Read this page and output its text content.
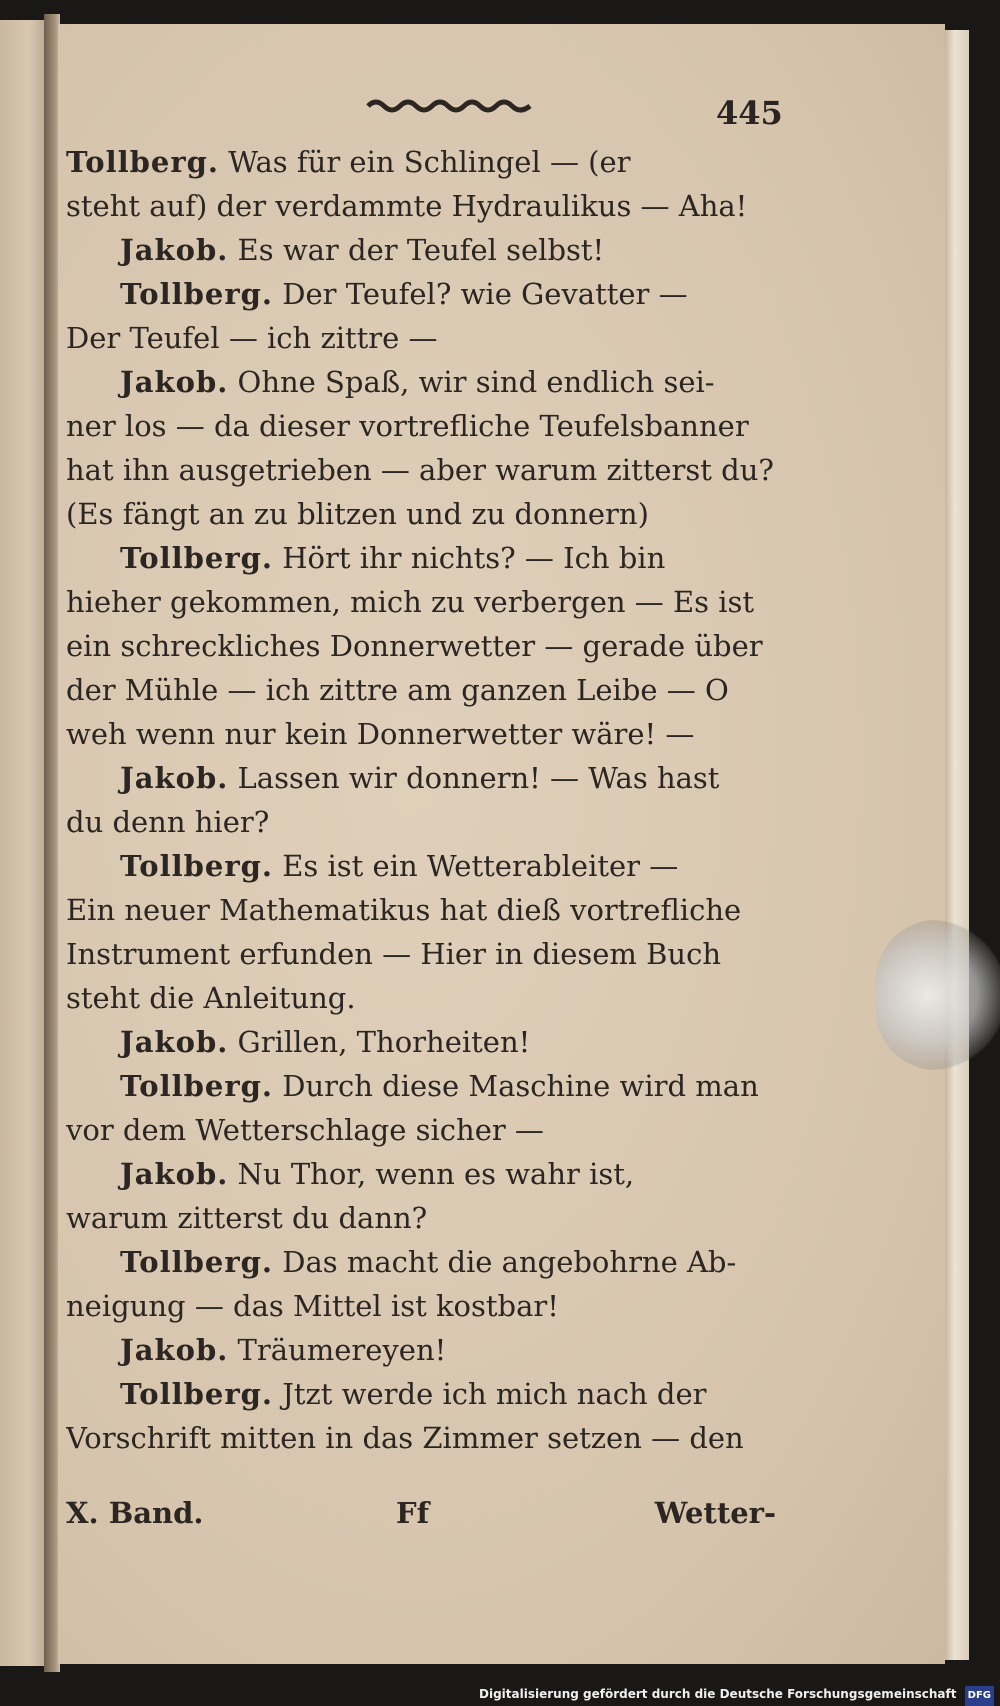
445
Tollberg. Was für ein Schlingel — (er
steht auf) der verdammte Hydraulikus — Aha!
Jakob. Es war der Teufel selbst!
Tollberg. Der Teufel? wie Gevatter —
Der Teufel — ich zittre —
Jakob. Ohne Spaß, wir sind endlich sei-
ner los — da dieser vortrefliche Teufelsbanner
hat ihn ausgetrieben — aber warum zitterst du?
(Es fängt an zu blitzen und zu donnern)
Tollberg. Hört ihr nichts? — Ich bin
hieher gekommen, mich zu verbergen — Es ist
ein schreckliches Donnerwetter — gerade über
der Mühle — ich zittre am ganzen Leibe — O
weh wenn nur kein Donnerwetter wäre! —
Jakob. Lassen wir donnern! — Was hast
du denn hier?
Tollberg. Es ist ein Wetterableiter —
Ein neuer Mathematikus hat dieß vortrefliche
Instrument erfunden — Hier in diesem Buch
steht die Anleitung.
Jakob. Grillen, Thorheiten!
Tollberg. Durch diese Maschine wird man
vor dem Wetterschlage sicher —
Jakob. Nu Thor, wenn es wahr ist,
warum zitterst du dann?
Tollberg. Das macht die angebohrne Ab-
neigung — das Mittel ist kostbar!
Jakob. Träumereyen!
Tollberg. Jtzt werde ich mich nach der
Vorschrift mitten in das Zimmer setzen — den
X. Band.	Ff	Wetter-
Digitalisierung gefördert durch die Deutsche Forschungsgemeinschaft DFG
